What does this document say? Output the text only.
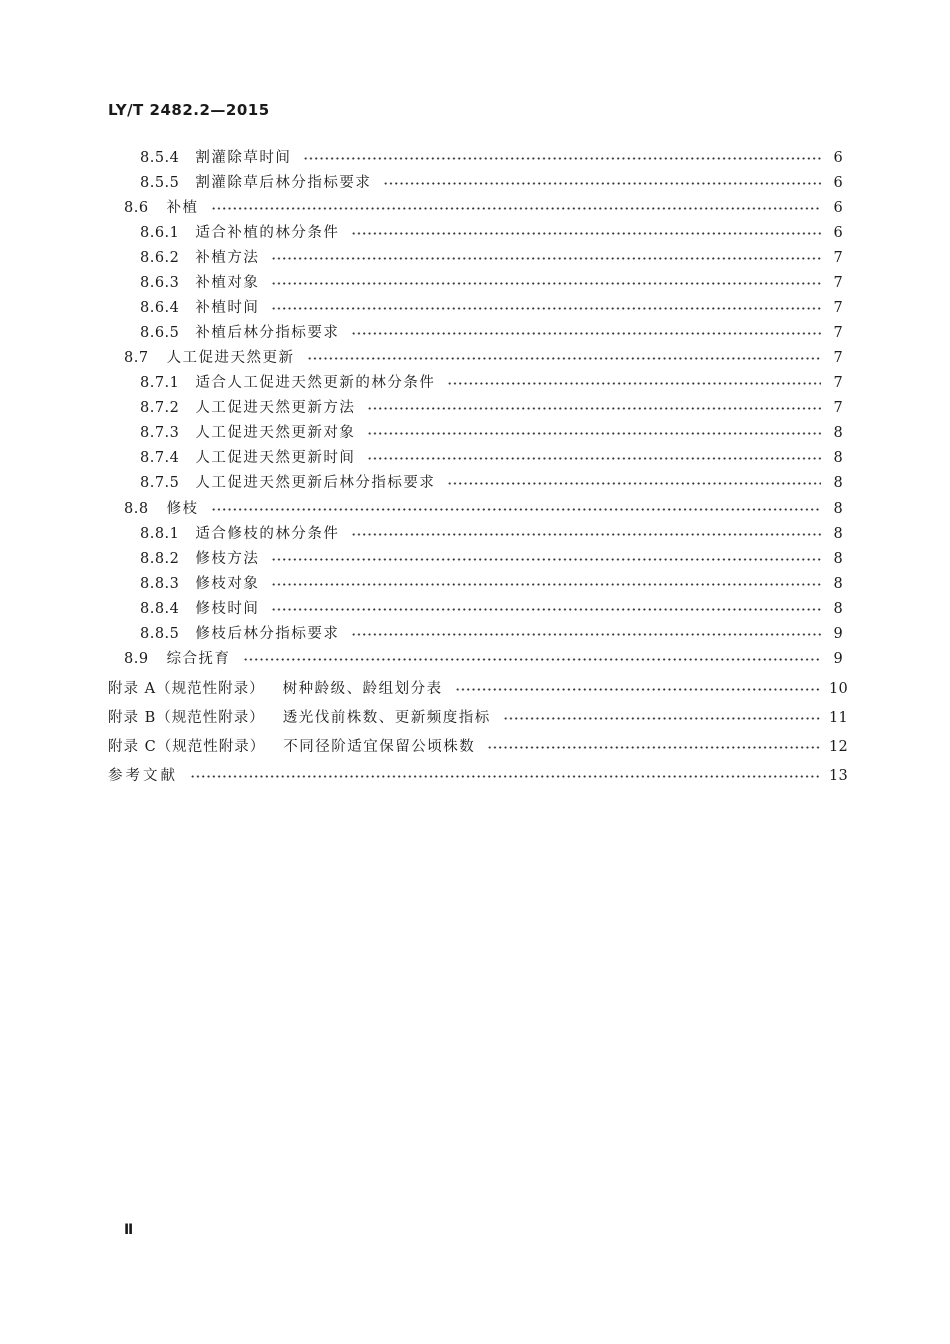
LY/T 2482.2—2015
8.5.4 割灌除草时间	6
8.5.5 割灌除草后林分指标要求	6
8.6 补植	6
8.6.1 适合补植的林分条件	6
8.6.2 补植方法	7
8.6.3 补植对象	7
8.6.4 补植时间	7
8.6.5 补植后林分指标要求	7
8.7 人工促进天然更新	7
8.7.1 适合人工促进天然更新的林分条件	7
8.7.2 人工促进天然更新方法	7
8.7.3 人工促进天然更新对象	8
8.7.4 人工促进天然更新时间	8
8.7.5 人工促进天然更新后林分指标要求	8
8.8 修枝	8
8.8.1 适合修枝的林分条件	8
8.8.2 修枝方法	8
8.8.3 修枝对象	8
8.8.4 修枝时间	8
8.8.5 修枝后林分指标要求	9
8.9 综合抚育	9
附录 A（规范性附录） 树种龄级、龄组划分表	10
附录 B（规范性附录） 透光伐前株数、更新频度指标	11
附录 C（规范性附录） 不同径阶适宜保留公顷株数	12
参考文献	13
Ⅱ
